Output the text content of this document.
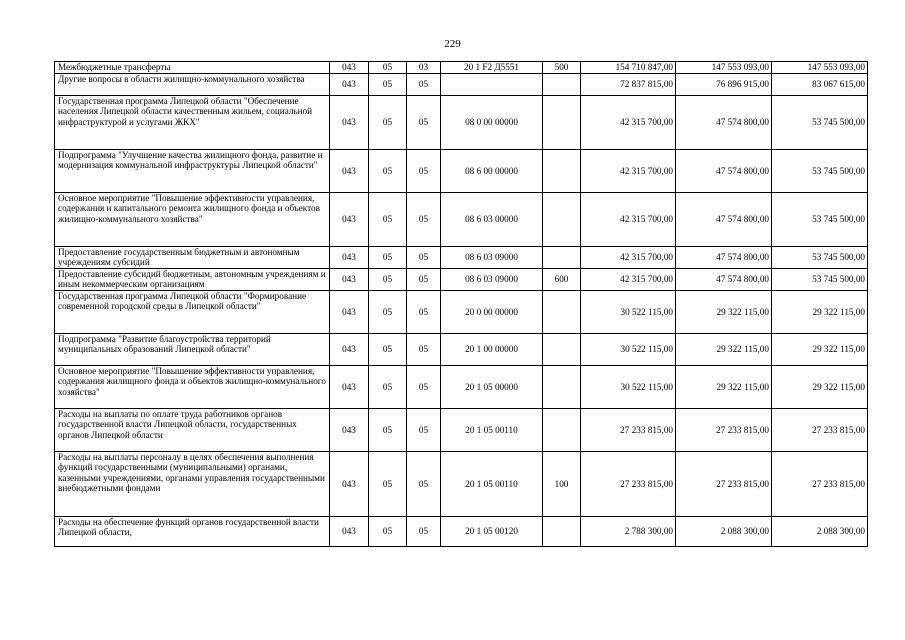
229
Межбюджетные трансферты	043	05	03	20 1 F2 Д5551	500	154 710 847,00	147 553 093,00	147 553 093,00
Другие вопросы в области жилищно-коммунального хозяйства	043	05	05			72 837 815,00	76 896 915,00	83 067 615,00
Государственная программа Липецкой области "Обеспечение населения Липецкой области качественным жильем, социальной инфраструктурой и услугами ЖКХ"	043	05	05	08 0 00 00000		42 315 700,00	47 574 800,00	53 745 500,00
Подпрограмма "Улучшение качества жилищного фонда, развитие и модернизация коммунальной инфраструктуры Липецкой области"	043	05	05	08 6 00 00000		42 315 700,00	47 574 800,00	53 745 500,00
Основное мероприятие "Повышение эффективности управления, содержания и капитального ремонта жилищного фонда и объектов жилищно-коммунального хозяйства"	043	05	05	08 6 03 00000		42 315 700,00	47 574 800,00	53 745 500,00
Предоставление государственным бюджетным и автономным учреждениям субсидий	043	05	05	08 6 03 09000		42 315 700,00	47 574 800,00	53 745 500,00
Предоставление субсидий бюджетным, автономным учреждениям и иным некоммерческим организациям	043	05	05	08 6 03 09000	600	42 315 700,00	47 574 800,00	53 745 500,00
Государственная программа Липецкой области "Формирование современной городской среды в Липецкой области"	043	05	05	20 0 00 00000		30 522 115,00	29 322 115,00	29 322 115,00
Подпрограмма "Развитие благоустройства территорий муниципальных образований Липецкой области"	043	05	05	20 1 00 00000		30 522 115,00	29 322 115,00	29 322 115,00
Основное мероприятие "Повышение эффективности управления, содержания жилищного фонда и объектов жилищно-коммунального хозяйства"	043	05	05	20 1 05 00000		30 522 115,00	29 322 115,00	29 322 115,00
Расходы на выплаты по оплате труда работников органов государственной власти Липецкой области, государственных органов Липецкой области	043	05	05	20 1 05 00110		27 233 815,00	27 233 815,00	27 233 815,00
Расходы на выплаты персоналу в целях обеспечения выполнения функций государственными (муниципальными) органами, казенными учреждениями, органами управления государственными внебюджетными фондами	043	05	05	20 1 05 00110	100	27 233 815,00	27 233 815,00	27 233 815,00
Расходы на обеспечение функций органов государственной власти Липецкой области,	043	05	05	20 1 05 00120		2 788 300,00	2 088 300,00	2 088 300,00
